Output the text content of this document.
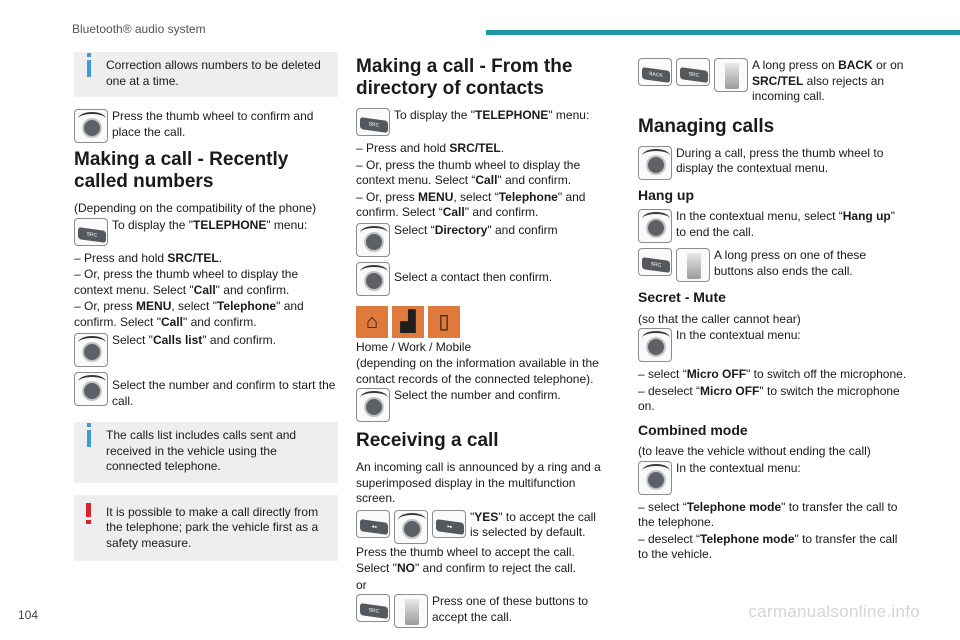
Bluetooth® audio system
Correction allows numbers to be deleted one at a time.

Press the thumb wheel to confirm and place the call.

Making a call - Recently called numbers

(Depending on the compatibility of the phone)

SRC

To display the "TELEPHONE" menu:

– Press and hold SRC/TEL.

– Or, press the thumb wheel to display the context menu. Select "Call" and confirm.

– Or, press MENU, select "Telephone" and confirm. Select "Call" and confirm.

Select "Calls list" and confirm.

Select the number and confirm to start the call.

The calls list includes calls sent and received in the vehicle using the connected telephone.
It is possible to make a call directly from the telephone; park the vehicle first as a safety measure.
Making a call - From the directory of contacts
SRC

To display the "TELEPHONE" menu:

– Press and hold SRC/TEL.

– Or, press the thumb wheel to display the context menu. Select “Call" and confirm.

– Or, press MENU, select “Telephone" and confirm. Select “Call" and confirm.

Select “Directory" and confirm

Select a contact then confirm.

⌂	▟	▯

Home / Work / Mobile

(depending on the information available in the contact records of the connected telephone).

Select the number and confirm.

Receiving a call

An incoming call is announced by a ring and a superimposed display in the multifunction screen.

◂◂	▸▸

"YES" to accept the call is selected by default.

Press the thumb wheel to accept the call.

Select "NO" and confirm to reject the call.

or

SRC

Press one of these buttons to accept the call.

BACK	SRC

A long press on BACK or on SRC/TEL also rejects an incoming call.

Managing calls

During a call, press the thumb wheel to display the contextual menu.

Hang up

In the contextual menu, select “Hang up" to end the call.

SRC

A long press on one of these buttons also ends the call.

Secret - Mute

(so that the caller cannot hear)

In the contextual menu:

– select “Micro OFF" to switch off the microphone.

– deselect “Micro OFF" to switch the microphone on.

Combined mode

(to leave the vehicle without ending the call)

In the contextual menu:

– select “Telephone mode" to transfer the call to the telephone.

– deselect “Telephone mode" to transfer the call to the vehicle.

104	carmanualsonline.info
